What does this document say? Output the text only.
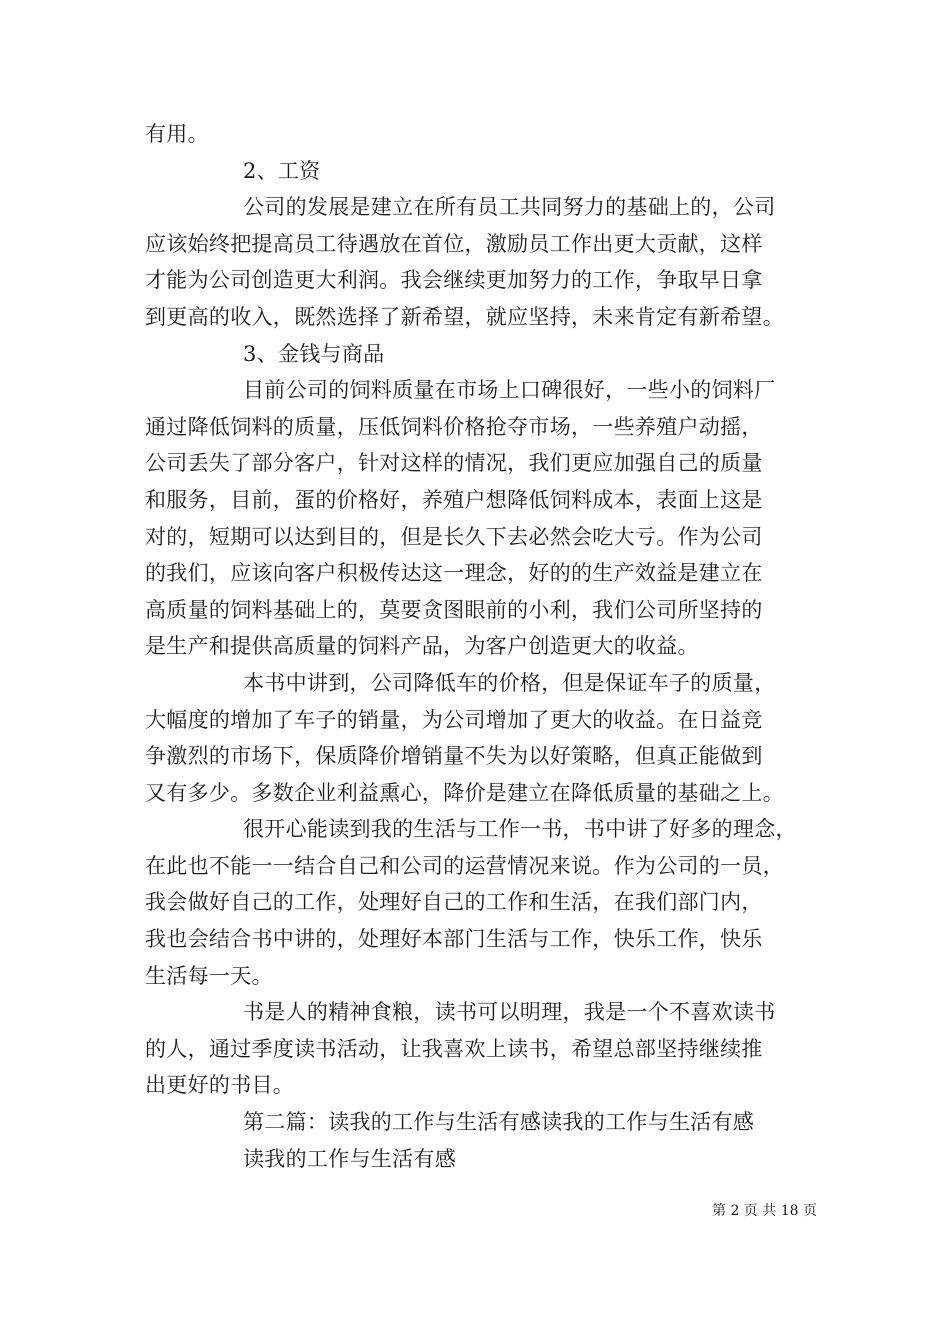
有用。
2、工资
公司的发展是建立在所有员工共同努力的基础上的，公司
应该始终把提高员工待遇放在首位，激励员工作出更大贡献，这样
才能为公司创造更大利润。我会继续更加努力的工作，争取早日拿
到更高的收入，既然选择了新希望，就应坚持，未来肯定有新希望。
3、金钱与商品
目前公司的饲料质量在市场上口碑很好，一些小的饲料厂
通过降低饲料的质量，压低饲料价格抢夺市场，一些养殖户动摇，
公司丢失了部分客户，针对这样的情况，我们更应加强自己的质量
和服务，目前，蛋的价格好，养殖户想降低饲料成本，表面上这是
对的，短期可以达到目的，但是长久下去必然会吃大亏。作为公司
的我们，应该向客户积极传达这一理念，好的的生产效益是建立在
高质量的饲料基础上的，莫要贪图眼前的小利，我们公司所坚持的
是生产和提供高质量的饲料产品，为客户创造更大的收益。
本书中讲到，公司降低车的价格，但是保证车子的质量，
大幅度的增加了车子的销量，为公司增加了更大的收益。在日益竞
争激烈的市场下，保质降价增销量不失为以好策略，但真正能做到
又有多少。多数企业利益熏心，降价是建立在降低质量的基础之上。
很开心能读到我的生活与工作一书，书中讲了好多的理念，
在此也不能一一结合自己和公司的运营情况来说。作为公司的一员，
我会做好自己的工作，处理好自己的工作和生活，在我们部门内，
我也会结合书中讲的，处理好本部门生活与工作，快乐工作，快乐
生活每一天。
书是人的精神食粮，读书可以明理，我是一个不喜欢读书
的人，通过季度读书活动，让我喜欢上读书，希望总部坚持继续推
出更好的书目。
第二篇：读我的工作与生活有感读我的工作与生活有感
读我的工作与生活有感
第 2 页 共 18 页
